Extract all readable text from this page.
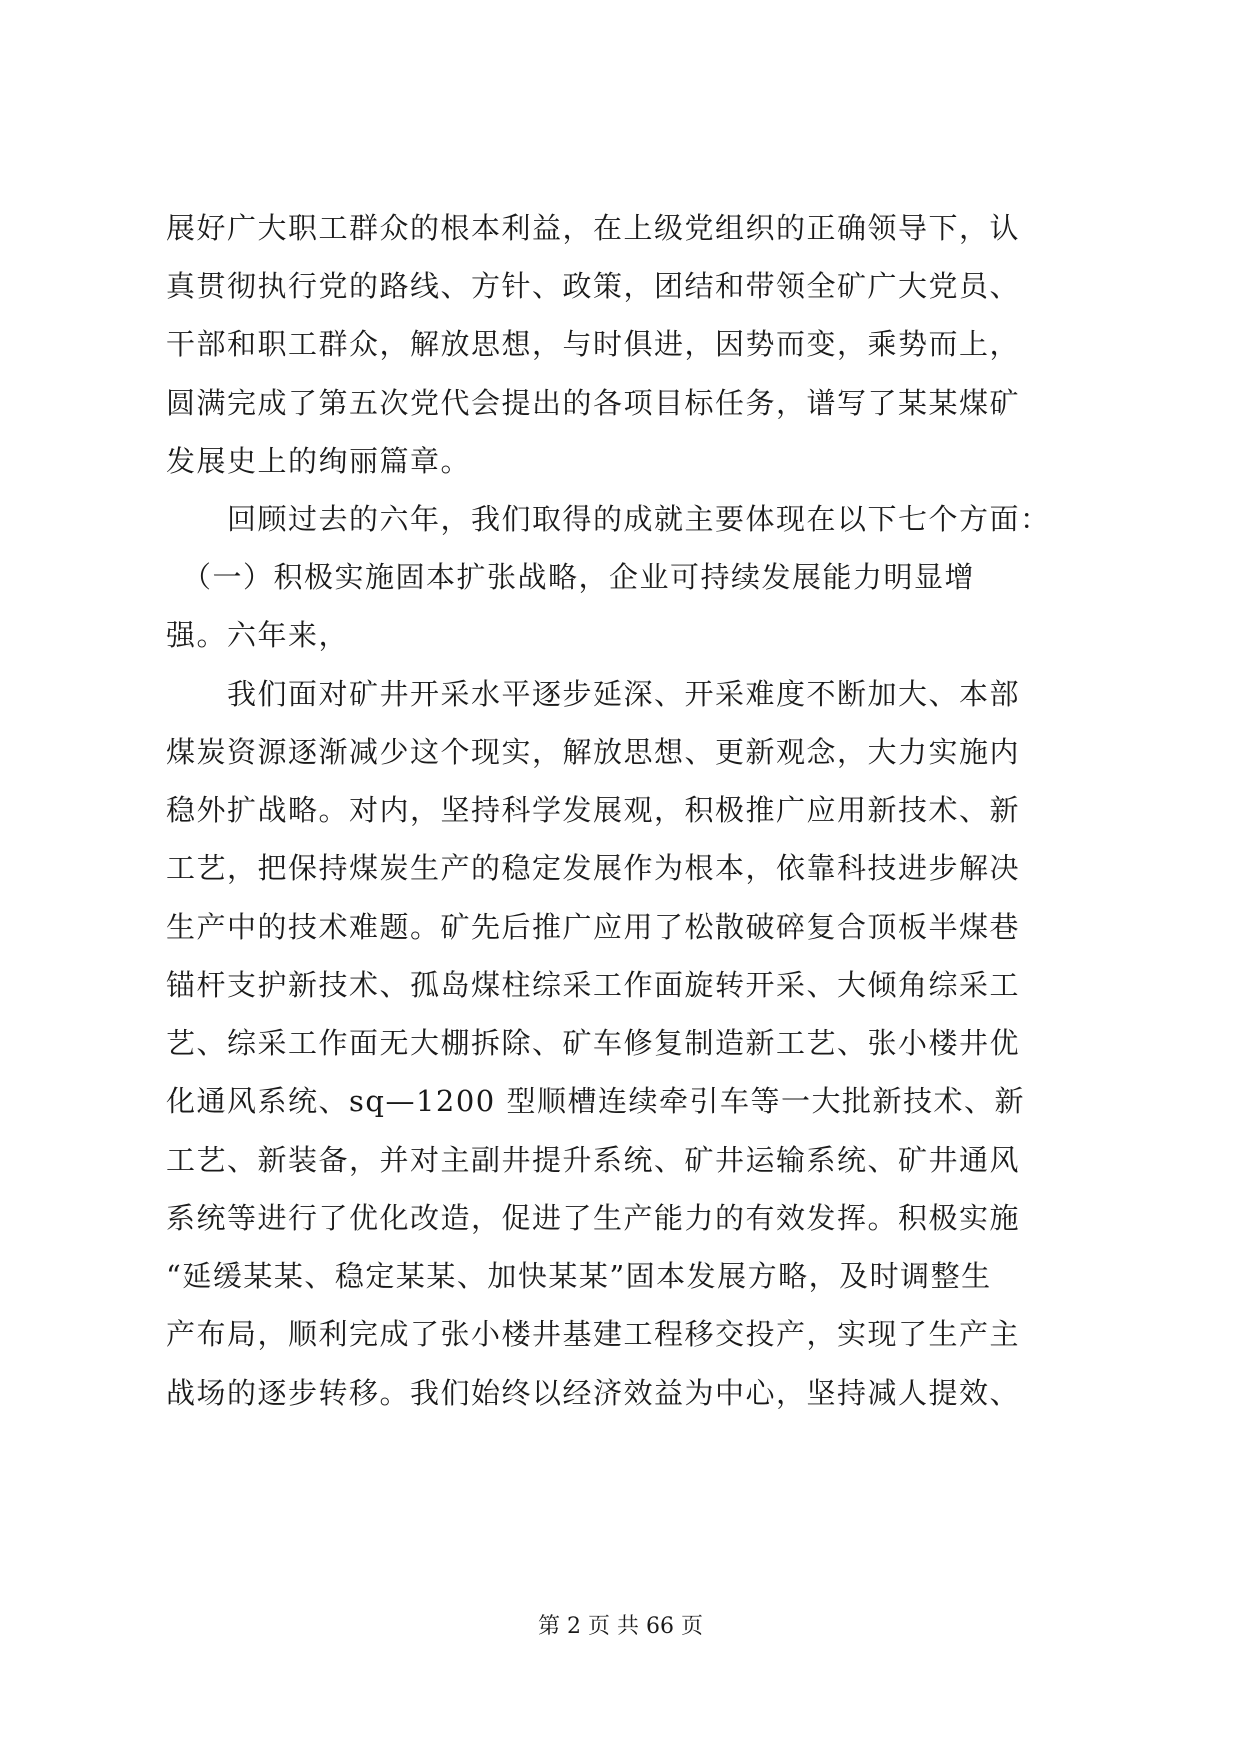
展好广大职工群众的根本利益，在上级党组织的正确领导下，认
真贯彻执行党的路线、方针、政策，团结和带领全矿广大党员、
干部和职工群众，解放思想，与时俱进，因势而变，乘势而上，
圆满完成了第五次党代会提出的各项目标任务，谱写了某某煤矿
发展史上的绚丽篇章。
　　回顾过去的六年，我们取得的成就主要体现在以下七个方面：
　（一）积极实施固本扩张战略，企业可持续发展能力明显增
强。六年来，
　　我们面对矿井开采水平逐步延深、开采难度不断加大、本部
煤炭资源逐渐减少这个现实，解放思想、更新观念，大力实施内
稳外扩战略。对内，坚持科学发展观，积极推广应用新技术、新
工艺，把保持煤炭生产的稳定发展作为根本，依靠科技进步解决
生产中的技术难题。矿先后推广应用了松散破碎复合顶板半煤巷
锚杆支护新技术、孤岛煤柱综采工作面旋转开采、大倾角综采工
艺、综采工作面无大棚拆除、矿车修复制造新工艺、张小楼井优
化通风系统、sq—1200 型顺槽连续牵引车等一大批新技术、新
工艺、新装备，并对主副井提升系统、矿井运输系统、矿井通风
系统等进行了优化改造，促进了生产能力的有效发挥。积极实施
“延缓某某、稳定某某、加快某某”固本发展方略，及时调整生
产布局，顺利完成了张小楼井基建工程移交投产，实现了生产主
战场的逐步转移。我们始终以经济效益为中心，坚持减人提效、
第 2 页 共 66 页
